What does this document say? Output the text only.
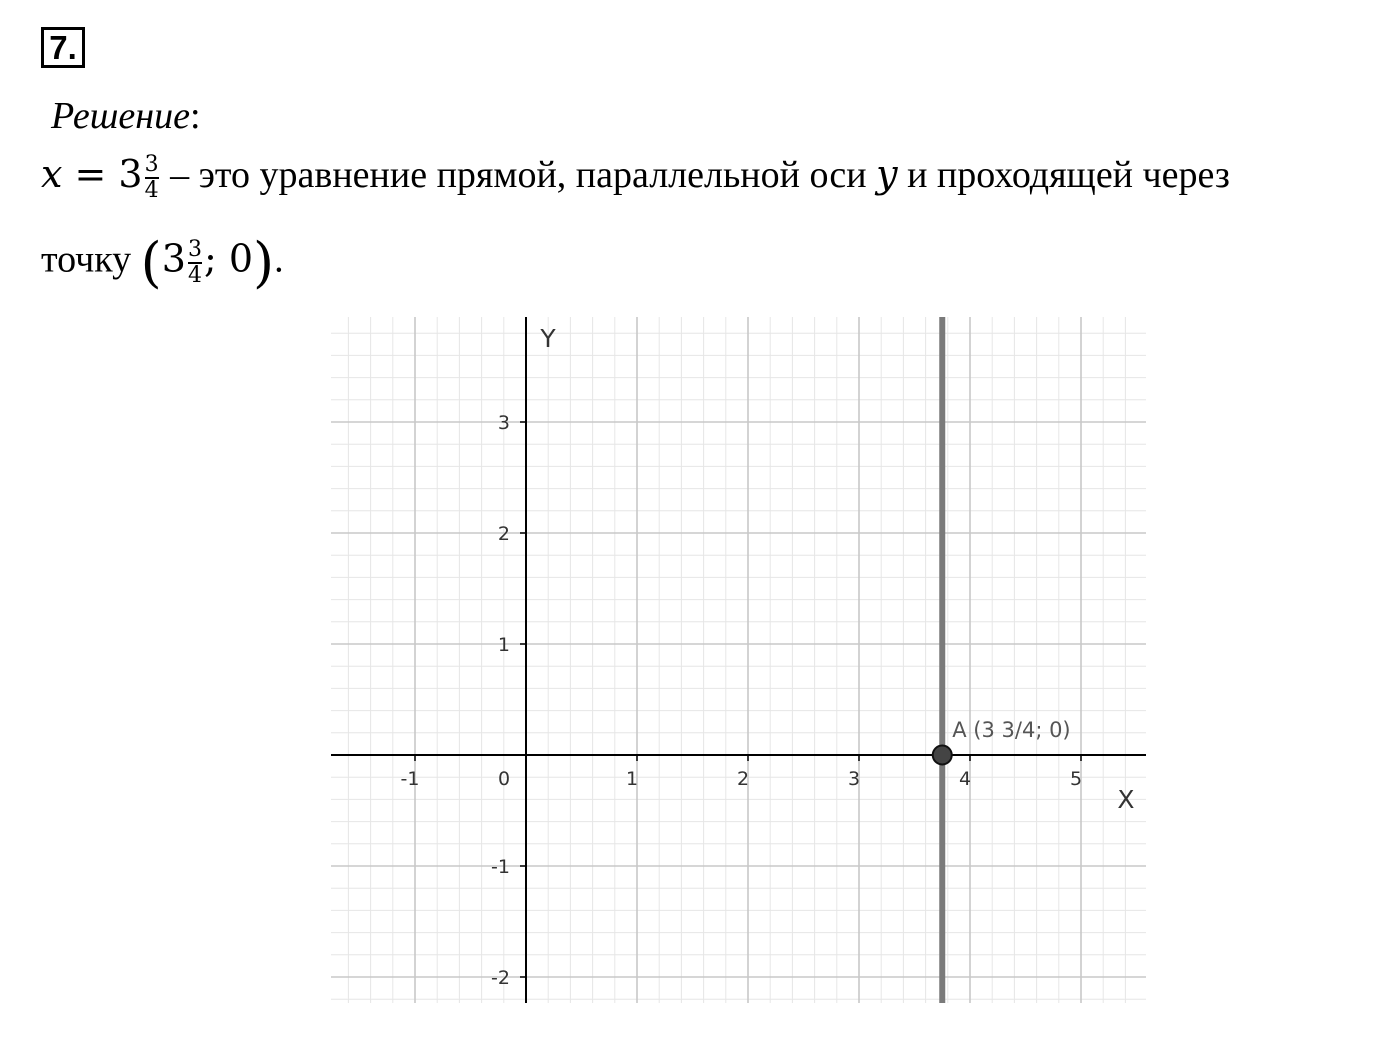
7.
Решение:
$x = 3 \frac{3}{4}$ – это уравнение прямой, параллельной оси y и проходящей через
точку ($3 \frac{3}{4}$ ; 0).
-1	1	2	3	4	5
0
3
2
1
-1
-2
X
Y
A (3 3/4; 0)
